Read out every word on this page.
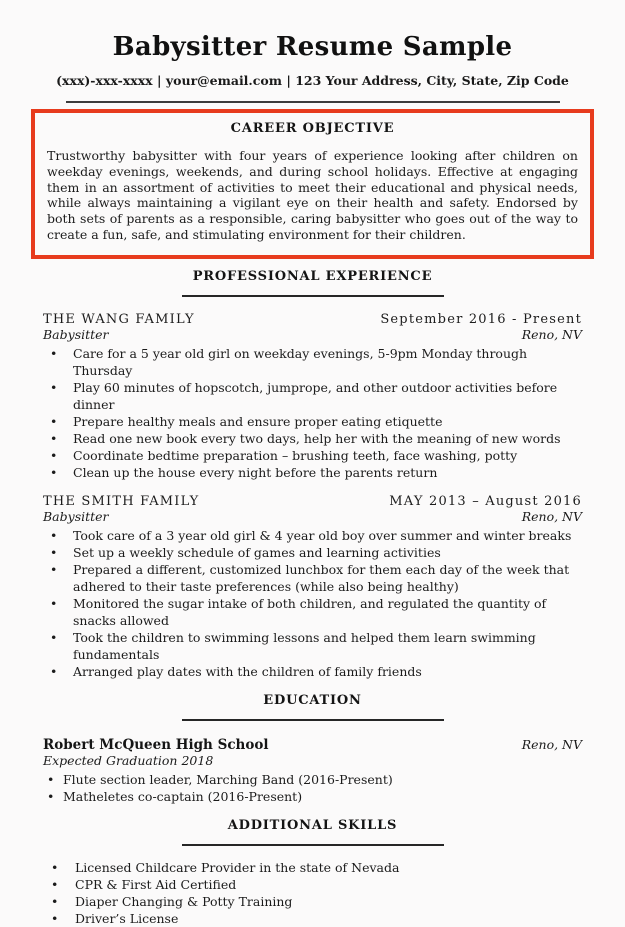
Babysitter Resume Sample
(xxx)-xxx-xxxx | your@email.com | 123 Your Address, City, State, Zip Code
CAREER OBJECTIVE

Trustworthy babysitter with four years of experience looking after children on weekday evenings, weekends, and during school holidays. Effective at engaging them in an assortment of activities to meet their educational and physical needs, while always maintaining a vigilant eye on their health and safety. Endorsed by both sets of parents as a responsible, caring babysitter who goes out of the way to create a fun, safe, and stimulating environment for their children.

PROFESSIONAL EXPERIENCE
THE WANG FAMILY	September 2016 - Present
Babysitter	Reno, NV
• Care for a 5 year old girl on weekday evenings, 5-9pm Monday through Thursday
• Play 60 minutes of hopscotch, jumprope, and other outdoor activities before dinner
• Prepare healthy meals and ensure proper eating etiquette
• Read one new book every two days, help her with the meaning of new words
• Coordinate bedtime preparation – brushing teeth, face washing, potty
• Clean up the house every night before the parents return
THE SMITH FAMILY	MAY 2013 – August 2016
Babysitter	Reno, NV
• Took care of a 3 year old girl & 4 year old boy over summer and winter breaks
• Set up a weekly schedule of games and learning activities
• Prepared a different, customized lunchbox for them each day of the week that adhered to their taste preferences (while also being healthy)
• Monitored the sugar intake of both children, and regulated the quantity of snacks allowed
• Took the children to swimming lessons and helped them learn swimming fundamentals
• Arranged play dates with the children of family friends
EDUCATION
Robert McQueen High School	Reno, NV
Expected Graduation 2018
• Flute section leader, Marching Band (2016-Present)
• Matheletes co-captain (2016-Present)
ADDITIONAL SKILLS
• Licensed Childcare Provider in the state of Nevada
• CPR & First Aid Certified
• Diaper Changing & Potty Training
• Driver’s License
